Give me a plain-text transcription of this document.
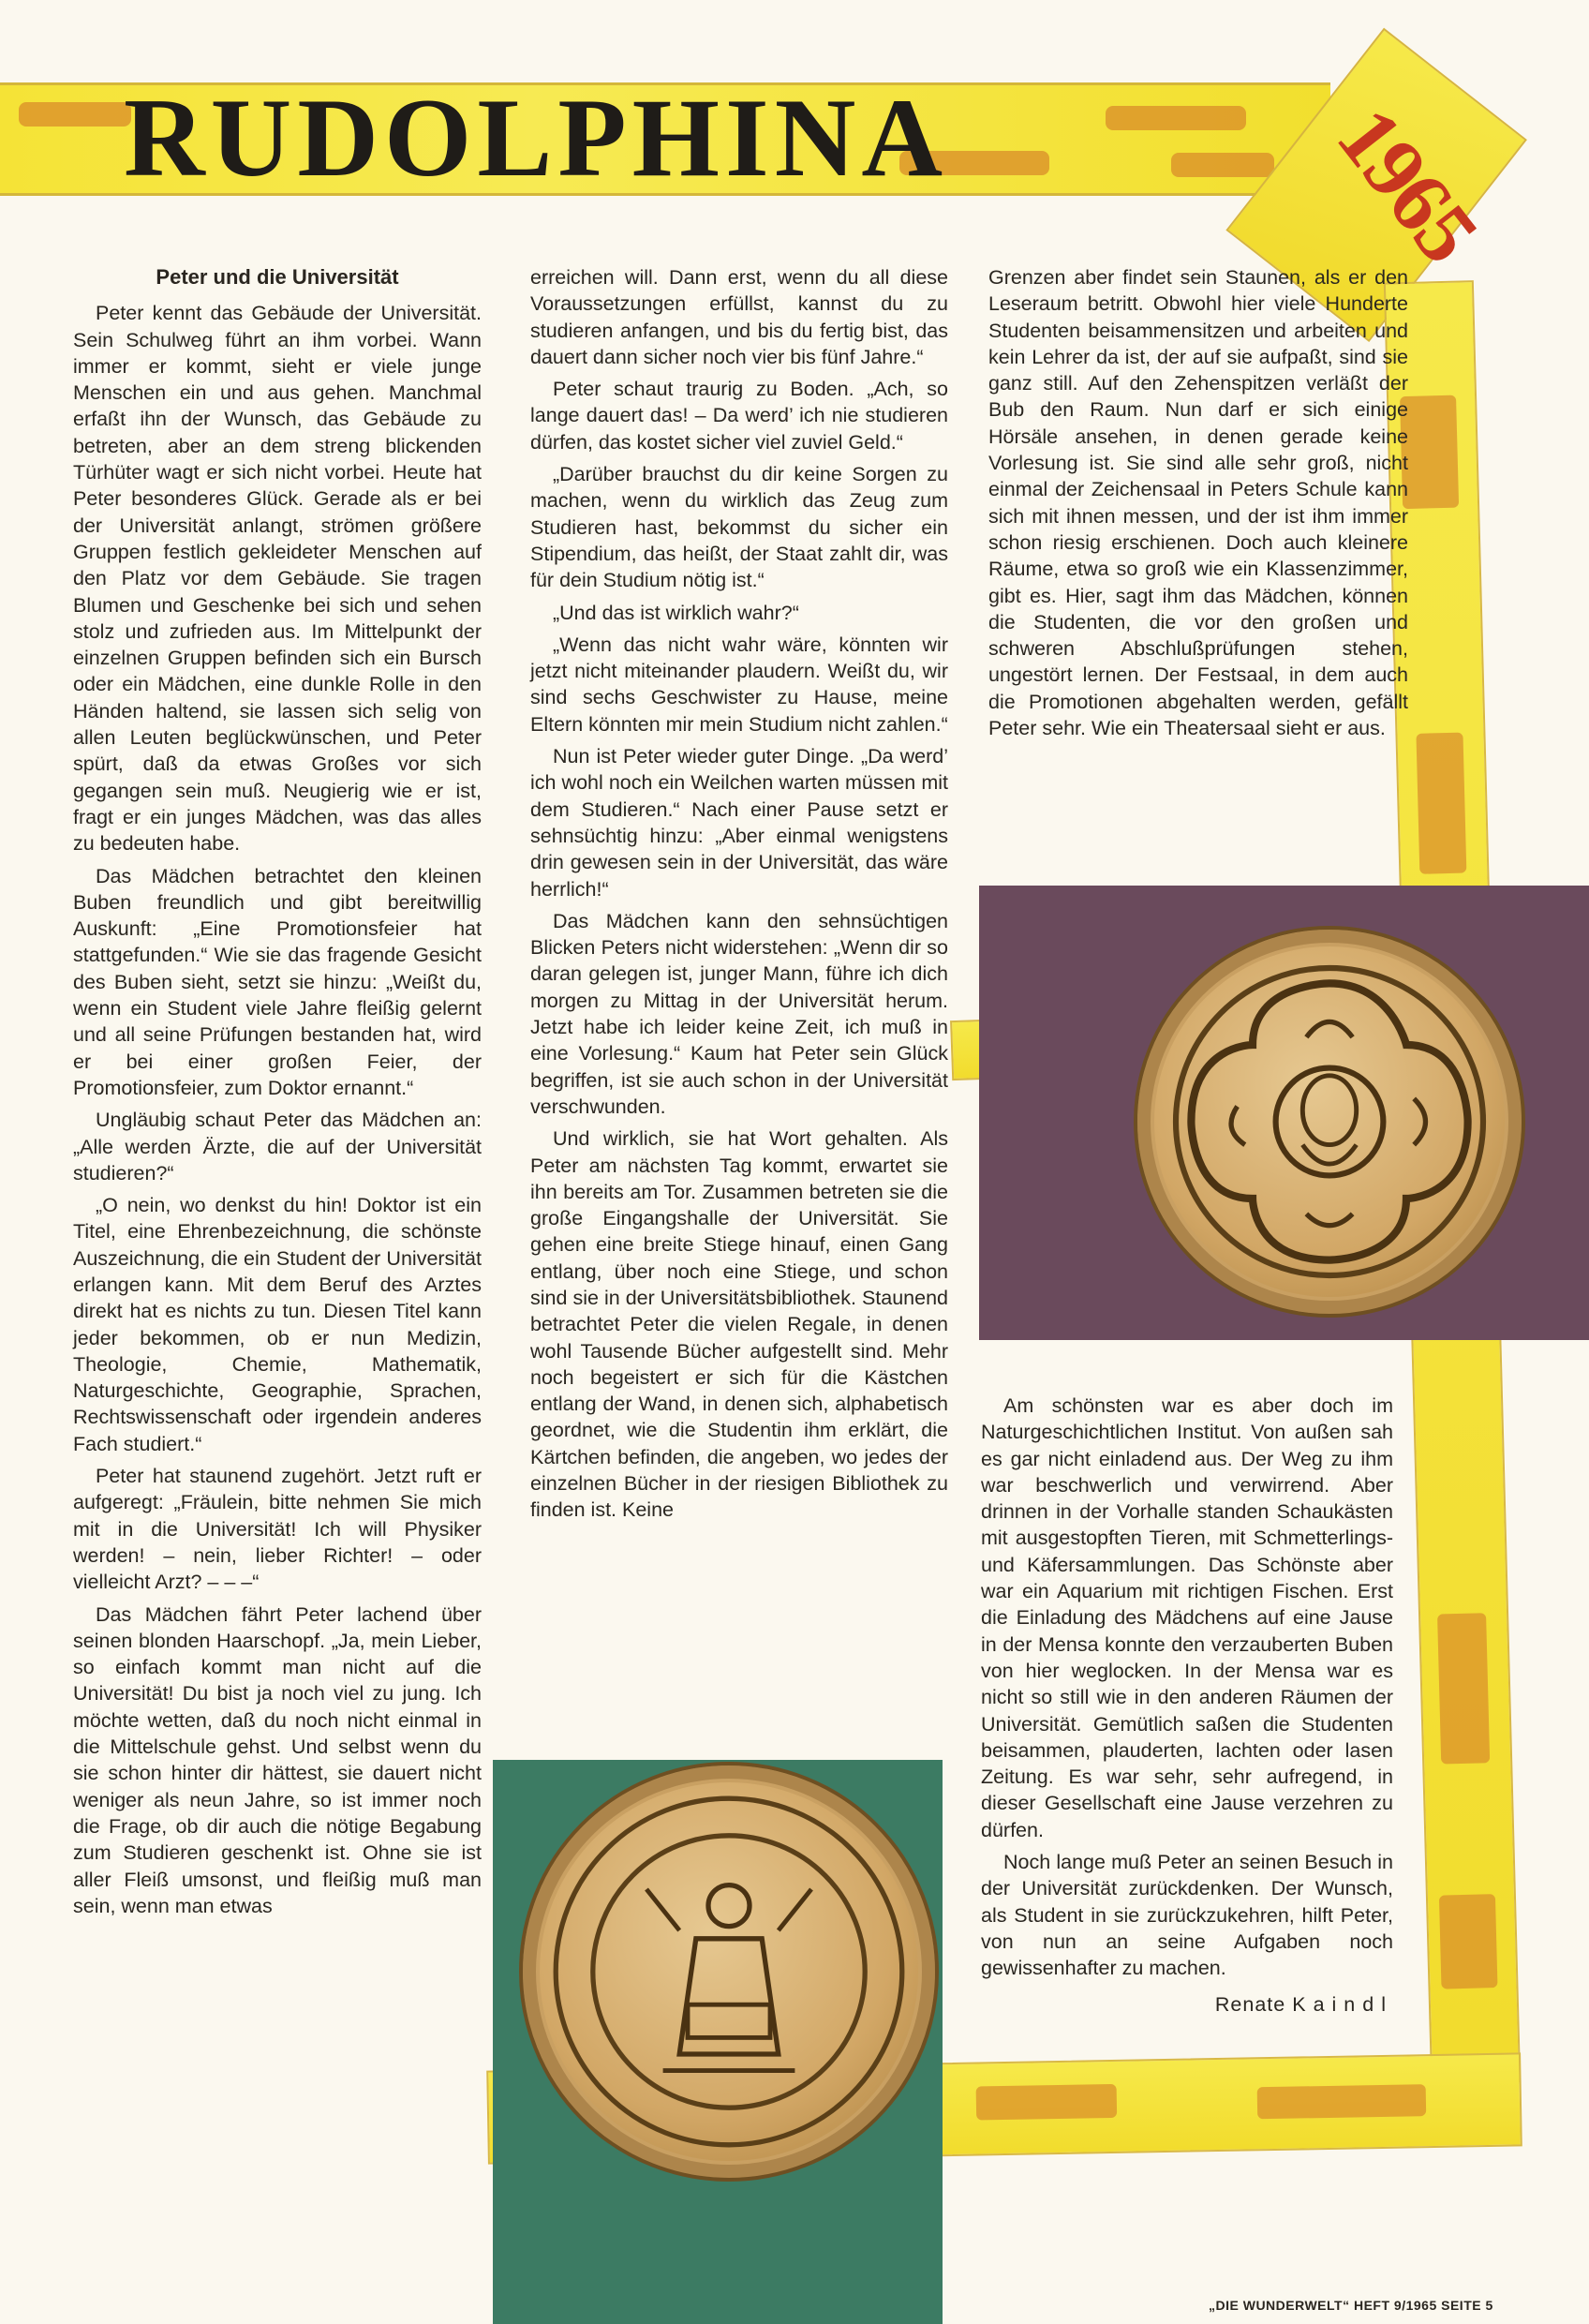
RUDOLPHINA	1965
Peter und die Universität

Peter kennt das Gebäude der Universität. Sein Schulweg führt an ihm vorbei. Wann immer er kommt, sieht er viele junge Menschen ein und aus gehen. Manchmal erfaßt ihn der Wunsch, das Gebäude zu betreten, aber an dem streng blickenden Türhüter wagt er sich nicht vorbei. Heute hat Peter besonderes Glück. Gerade als er bei der Universität anlangt, strömen größere Gruppen festlich gekleideter Menschen auf den Platz vor dem Gebäude. Sie tragen Blumen und Geschenke bei sich und sehen stolz und zufrieden aus. Im Mittelpunkt der einzelnen Gruppen befinden sich ein Bursch oder ein Mädchen, eine dunkle Rolle in den Händen haltend, sie lassen sich selig von allen Leuten beglückwünschen, und Peter spürt, daß da etwas Großes vor sich gegangen sein muß. Neugierig wie er ist, fragt er ein junges Mädchen, was das alles zu bedeuten habe.

Das Mädchen betrachtet den kleinen Buben freundlich und gibt bereitwillig Auskunft: „Eine Promotionsfeier hat stattgefunden.“ Wie sie das fragende Gesicht des Buben sieht, setzt sie hinzu: „Weißt du, wenn ein Student viele Jahre fleißig gelernt und all seine Prüfungen bestanden hat, wird er bei einer großen Feier, der Promotionsfeier, zum Doktor ernannt.“

Ungläubig schaut Peter das Mädchen an: „Alle werden Ärzte, die auf der Universität studieren?“

„O nein, wo denkst du hin! Doktor ist ein Titel, eine Ehrenbezeichnung, die schönste Auszeichnung, die ein Student der Universität erlangen kann. Mit dem Beruf des Arztes direkt hat es nichts zu tun. Diesen Titel kann jeder bekommen, ob er nun Medizin, Theologie, Chemie, Mathematik, Naturgeschichte, Geographie, Sprachen, Rechtswissenschaft oder irgendein anderes Fach studiert.“

Peter hat staunend zugehört. Jetzt ruft er aufgeregt: „Fräulein, bitte nehmen Sie mich mit in die Universität! Ich will Physiker werden! – nein, lieber Richter! – oder vielleicht Arzt? – – –“

Das Mädchen fährt Peter lachend über seinen blonden Haarschopf. „Ja, mein Lieber, so einfach kommt man nicht auf die Universität! Du bist ja noch viel zu jung. Ich möchte wetten, daß du noch nicht einmal in die Mittelschule gehst. Und selbst wenn du sie schon hinter dir hättest, sie dauert nicht weniger als neun Jahre, so ist immer noch die Frage, ob dir auch die nötige Begabung zum Studieren geschenkt ist. Ohne sie ist aller Fleiß umsonst, und fleißig muß man sein, wenn man etwas

erreichen will. Dann erst, wenn du all diese Voraussetzungen erfüllst, kannst du zu studieren anfangen, und bis du fertig bist, das dauert dann sicher noch vier bis fünf Jahre.“

Peter schaut traurig zu Boden. „Ach, so lange dauert das! – Da werd’ ich nie studieren dürfen, das kostet sicher viel zuviel Geld.“

„Darüber brauchst du dir keine Sorgen zu machen, wenn du wirklich das Zeug zum Studieren hast, bekommst du sicher ein Stipendium, das heißt, der Staat zahlt dir, was für dein Studium nötig ist.“

„Und das ist wirklich wahr?“

„Wenn das nicht wahr wäre, könnten wir jetzt nicht miteinander plaudern. Weißt du, wir sind sechs Geschwister zu Hause, meine Eltern könnten mir mein Studium nicht zahlen.“

Nun ist Peter wieder guter Dinge. „Da werd’ ich wohl noch ein Weilchen warten müssen mit dem Studieren.“ Nach einer Pause setzt er sehnsüchtig hinzu: „Aber einmal wenigstens drin gewesen sein in der Universität, das wäre herrlich!“

Das Mädchen kann den sehnsüchtigen Blicken Peters nicht widerstehen: „Wenn dir so daran gelegen ist, junger Mann, führe ich dich morgen zu Mittag in der Universität herum. Jetzt habe ich leider keine Zeit, ich muß in eine Vorlesung.“ Kaum hat Peter sein Glück begriffen, ist sie auch schon in der Universität verschwunden.

Und wirklich, sie hat Wort gehalten. Als Peter am nächsten Tag kommt, erwartet sie ihn bereits am Tor. Zusammen betreten sie die große Eingangshalle der Universität. Sie gehen eine breite Stiege hinauf, einen Gang entlang, über noch eine Stiege, und schon sind sie in der Universitätsbibliothek. Staunend betrachtet Peter die vielen Regale, in denen wohl Tausende Bücher aufgestellt sind. Mehr noch begeistert er sich für die Kästchen entlang der Wand, in denen sich, alphabetisch geordnet, wie die Studentin ihm erklärt, die Kärtchen befinden, die angeben, wo jedes der einzelnen Bücher in der riesigen Bibliothek zu finden ist. Keine

Grenzen aber findet sein Staunen, als er den Leseraum betritt. Obwohl hier viele Hunderte Studenten beisammensitzen und arbeiten und kein Lehrer da ist, der auf sie aufpaßt, sind sie ganz still. Auf den Zehenspitzen verläßt der Bub den Raum. Nun darf er sich einige Hörsäle ansehen, in denen gerade keine Vorlesung ist. Sie sind alle sehr groß, nicht einmal der Zeichensaal in Peters Schule kann sich mit ihnen messen, und der ist ihm immer schon riesig erschienen. Doch auch kleinere Räume, etwa so groß wie ein Klassenzimmer, gibt es. Hier, sagt ihm das Mädchen, können die Studenten, die vor den großen und schweren Abschlußprüfungen stehen, ungestört lernen. Der Festsaal, in dem auch die Promotionen abgehalten werden, gefällt Peter sehr. Wie ein Theatersaal sieht er aus.

Am schönsten war es aber doch im Naturgeschichtlichen Institut. Von außen sah es gar nicht einladend aus. Der Weg zu ihm war beschwerlich und verwirrend. Aber drinnen in der Vorhalle standen Schaukästen mit ausgestopften Tieren, mit Schmetterlings- und Käfersammlungen. Das Schönste aber war ein Aquarium mit richtigen Fischen. Erst die Einladung des Mädchens auf eine Jause in der Mensa konnte den verzauberten Buben von hier weglocken. In der Mensa war es nicht so still wie in den anderen Räumen der Universität. Gemütlich saßen die Studenten beisammen, plauderten, lachten oder lasen Zeitung. Es war sehr, sehr aufregend, in dieser Gesellschaft eine Jause verzehren zu dürfen.

Noch lange muß Peter an seinen Besuch in der Universität zurückdenken. Der Wunsch, als Student in sie zurückzukehren, hilft Peter, von nun an seine Aufgaben noch gewissenhafter zu machen.

Renate Kaindl
„DIE WUNDERWELT“ HEFT 9/1965 SEITE 5
